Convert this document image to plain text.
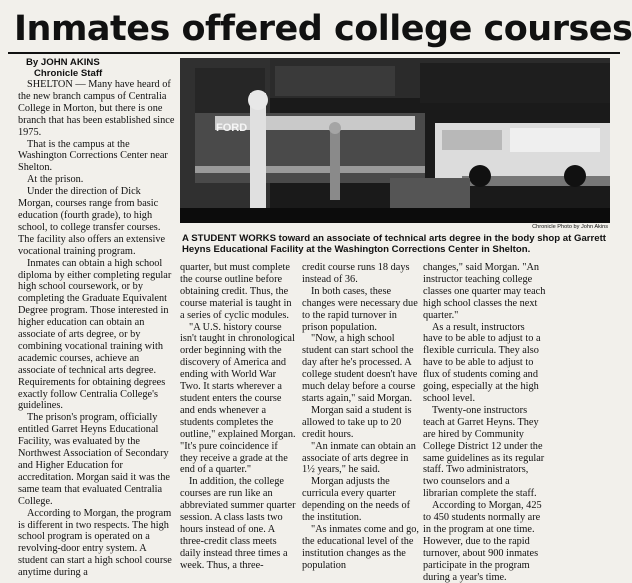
Inmates offered college courses
By JOHN AKINS
Chronicle Staff

SHELTON — Many have heard of the new branch campus of Centralia College in Morton, but there is one branch that has been established since 1975.

That is the campus at the Washington Corrections Center near Shelton.

At the prison.

Under the direction of Dick Morgan, courses range from basic education (fourth grade), to high school, to college transfer courses. The facility also offers an extensive vocational training program.

Inmates can obtain a high school diploma by either completing regular high school coursework, or by completing the Graduate Equivalent Degree program. Those interested in higher education can obtain an associate of arts degree, or by combining vocational training with academic courses, achieve an associate of technical arts degree. Requirements for obtaining degrees exactly follow Centralia College's guidelines.

The prison's program, officially entitled Garret Heyns Educational Facility, was evaluated by the Northwest Association of Secondary and Higher Education for accreditation. Morgan said it was the same team that evaluated Centralia College.

According to Morgan, the program is different in two respects. The high school program is operated on a revolving-door entry system. A student can start a high school course anytime during a

FORD
Chronicle Photo by John Akins

A STUDENT WORKS toward an associate of technical arts degree in the body shop at Garrett Heyns Educational Facility at the Washington Corrections Center in Shelton.

quarter, but must complete the course outline before obtaining credit. Thus, the course material is taught in a series of cyclic modules.

"A U.S. history course isn't taught in chronological order beginning with the discovery of America and ending with World War Two. It starts wherever a student enters the course and ends whenever a students completes the outline," explained Morgan. "It's pure coincidence if they receive a grade at the end of a quarter."

In addition, the college courses are run like an abbreviated summer quarter session. A class lasts two hours instead of one. A three-credit class meets daily instead three times a week. Thus, a three-

credit course runs 18 days instead of 36.

In both cases, these changes were necessary due to the rapid turnover in prison population.

"Now, a high school student can start school the day after he's processed. A college student doesn't have much delay before a course starts again," said Morgan.

Morgan said a student is allowed to take up to 20 credit hours.

"An inmate can obtain an associate of arts degree in 1½ years," he said.

Morgan adjusts the curricula every quarter depending on the needs of the institution.

"As inmates come and go, the educational level of the institution changes as the population

changes," said Morgan. "An instructor teaching college classes one quarter may teach high school classes the next quarter."

As a result, instructors have to be able to adjust to a flexible curricula. They also have to be able to adjust to flux of students coming and going, especially at the high school level.

Twenty-one instructors teach at Garret Heyns. They are hired by Community College District 12 under the same guidelines as its regular staff. Two administrators, two counselors and a librarian complete the staff.

According to Morgan, 425 to 450 students normally are in the program at one time. However, due to the rapid turnover, about 900 inmates participate in the program during a year's time.
